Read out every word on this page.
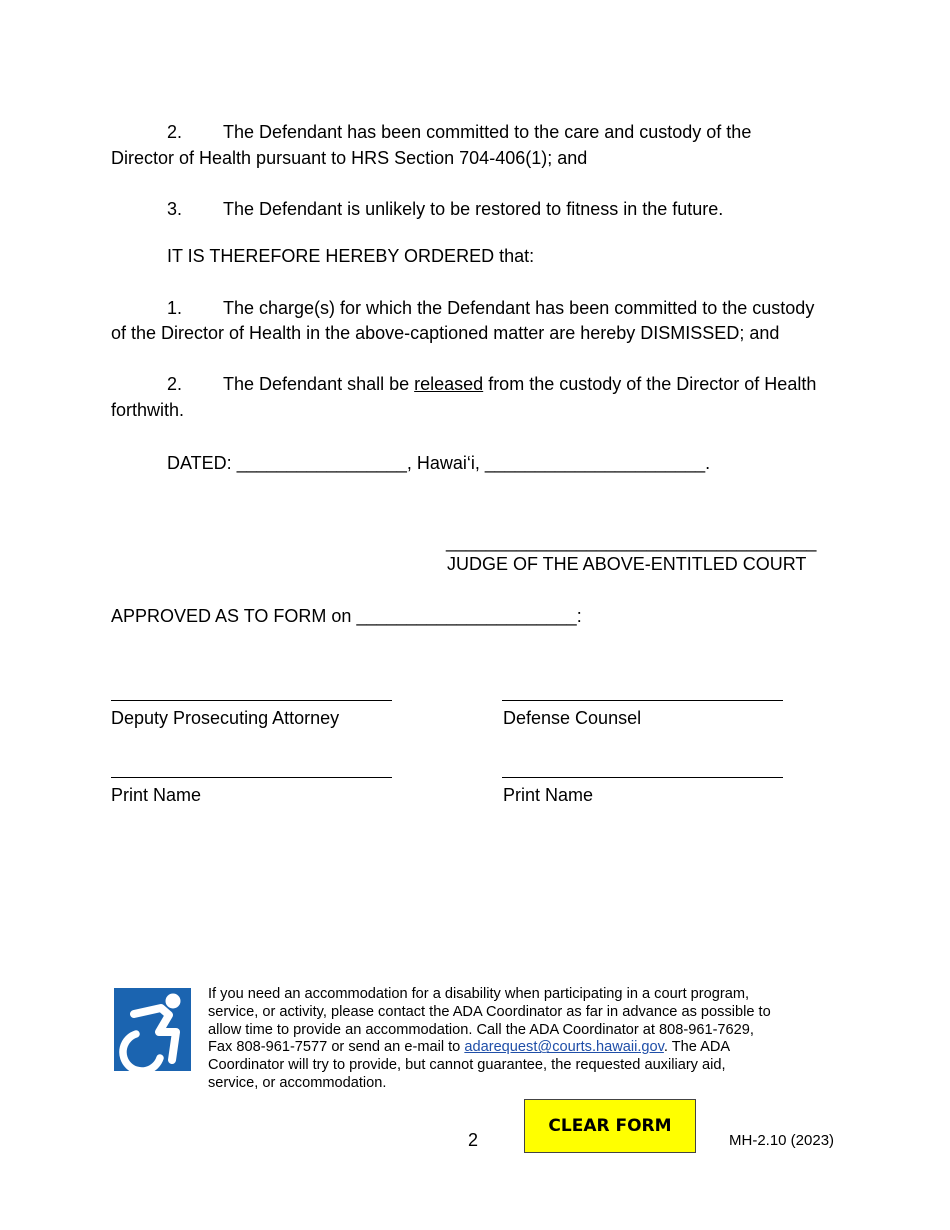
2. The Defendant has been committed to the care and custody of the
Director of Health pursuant to HRS Section 704-406(1); and
3. The Defendant is unlikely to be restored to fitness in the future.
IT IS THEREFORE HEREBY ORDERED that:
1. The charge(s) for which the Defendant has been committed to the custody
of the Director of Health in the above-captioned matter are hereby DISMISSED; and
2. The Defendant shall be released from the custody of the Director of Health
forthwith.
DATED: _________________, Hawai‘i, ______________________.
_____________________________________
JUDGE OF THE ABOVE-ENTITLED COURT
APPROVED AS TO FORM on ______________________:
Deputy Prosecuting Attorney	Defense Counsel
Print Name	Print Name
If you need an accommodation for a disability when participating in a court program,
service, or activity, please contact the ADA Coordinator as far in advance as possible to
allow time to provide an accommodation. Call the ADA Coordinator at 808-961-7629,
Fax 808-961-7577 or send an e-mail to adarequest@courts.hawaii.gov. The ADA
Coordinator will try to provide, but cannot guarantee, the requested auxiliary aid,
service, or accommodation.
2
CLEAR FORM
MH-2.10 (2023)
